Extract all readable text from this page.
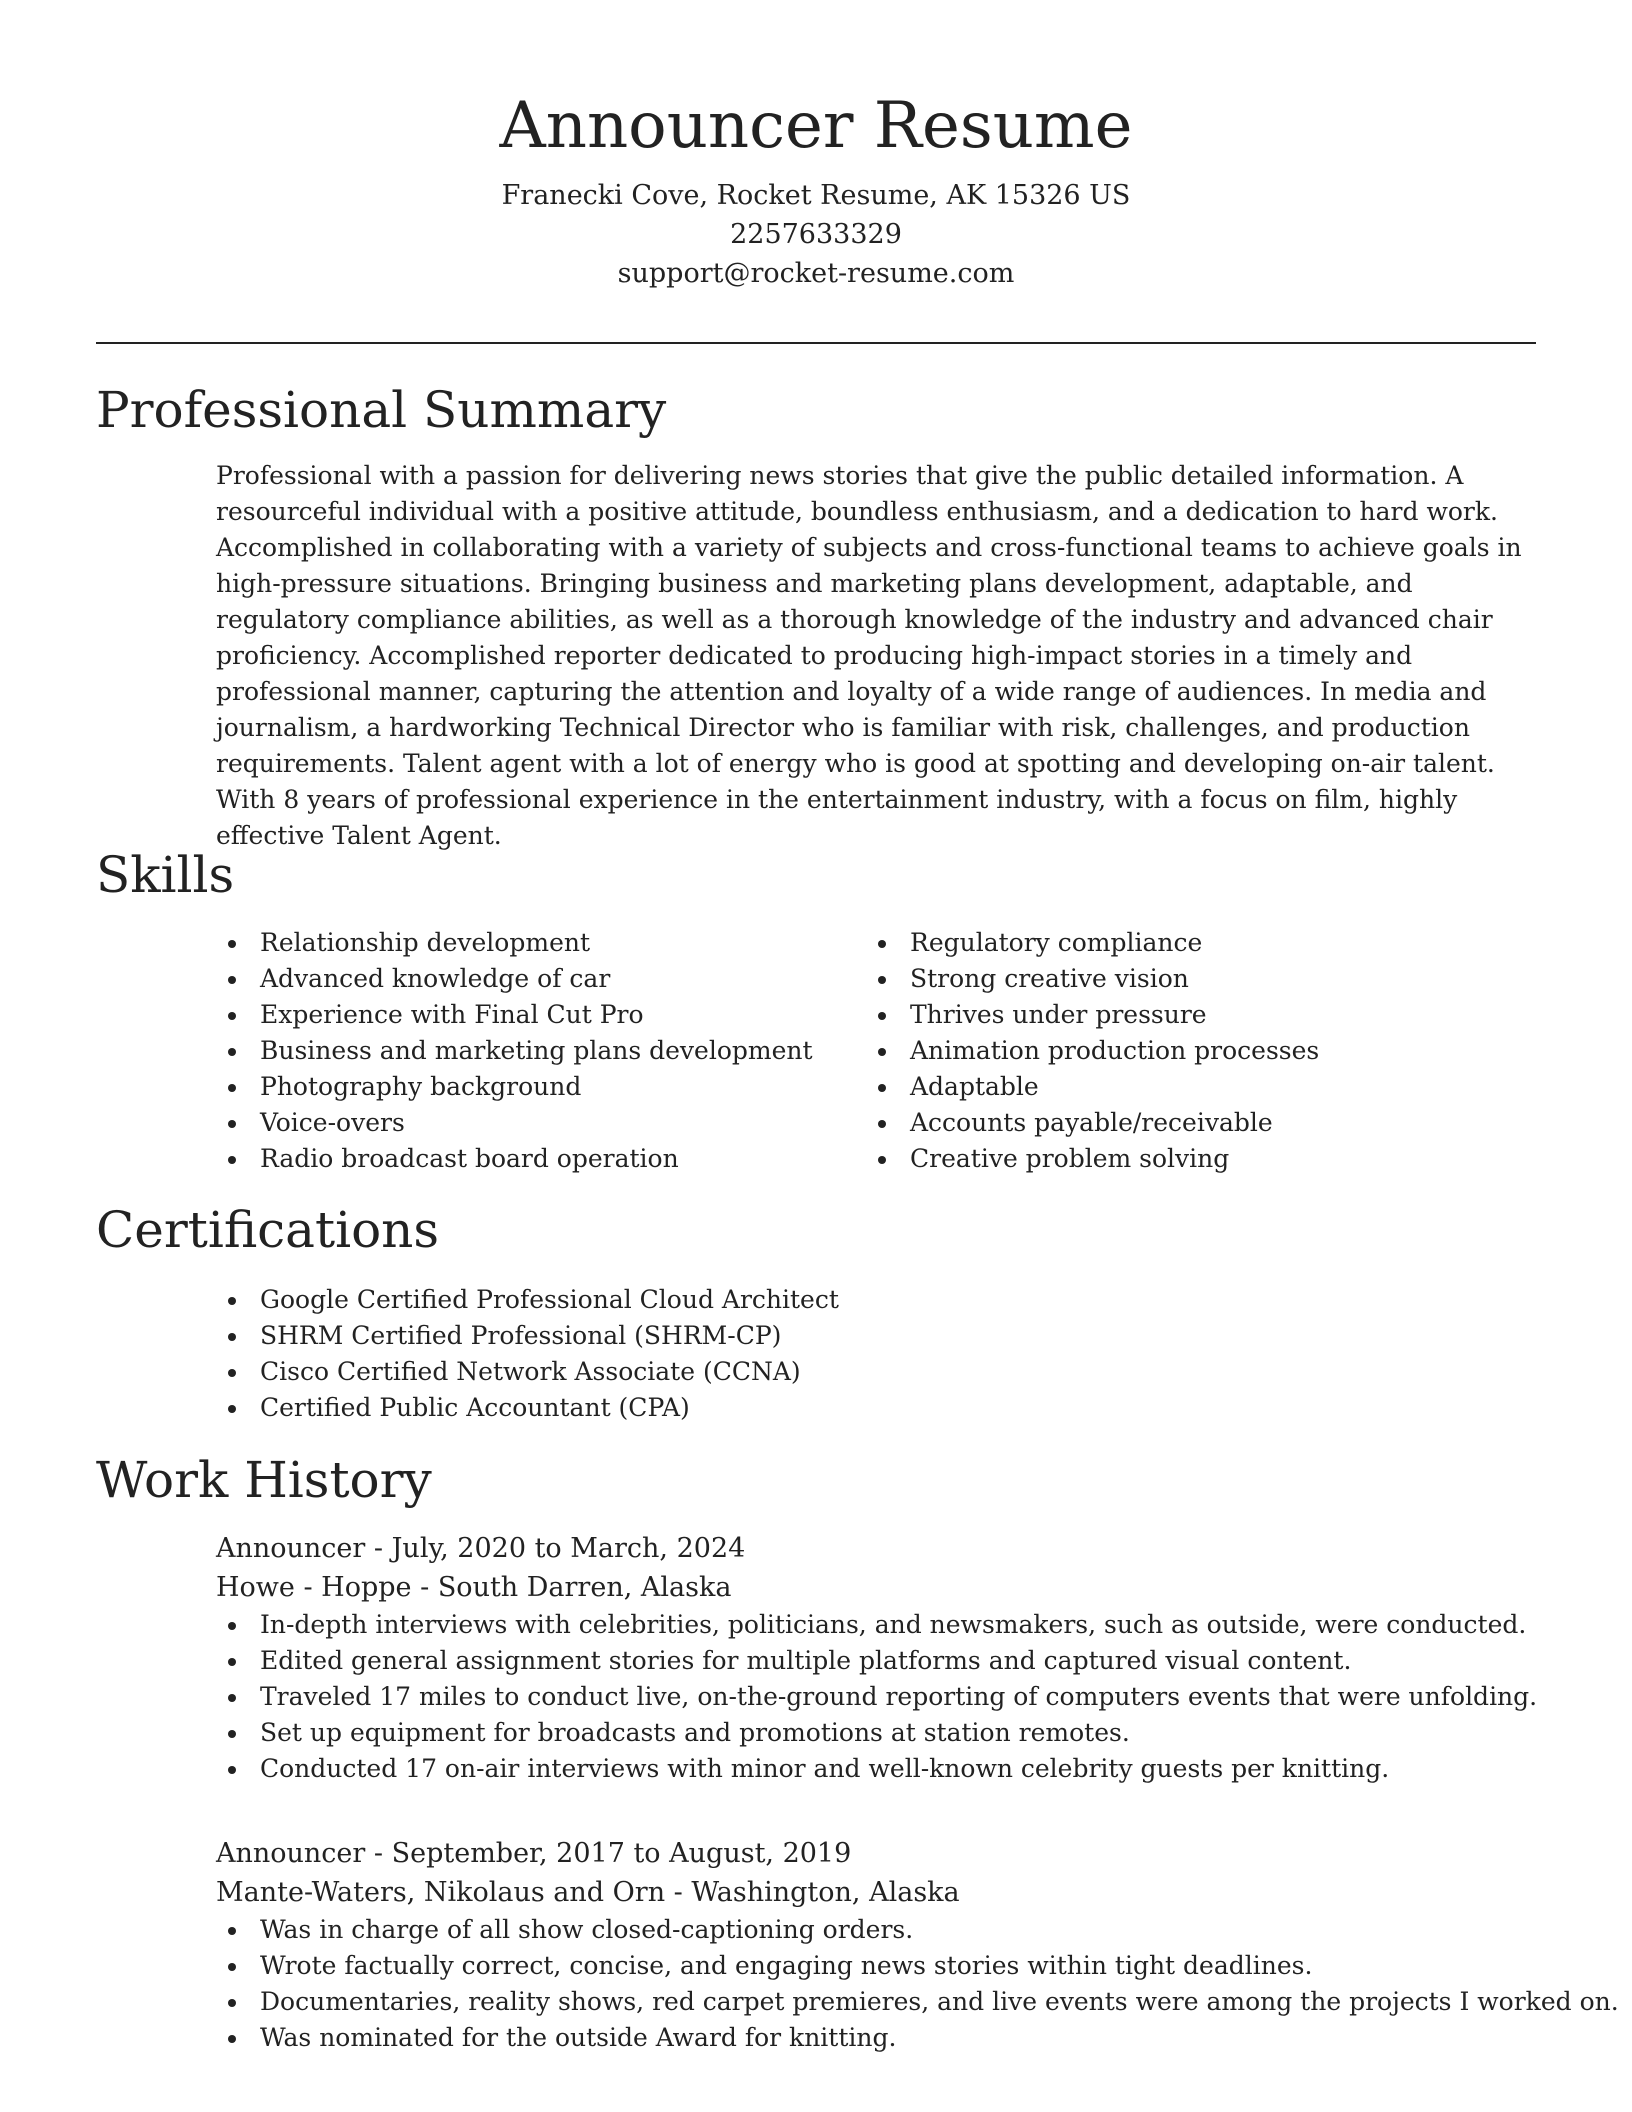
Announcer Resume
Franecki Cove, Rocket Resume, AK 15326 US
2257633329
support@rocket-resume.com
Professional Summary

Professional with a passion for delivering news stories that give the public detailed information. A resourceful individual with a positive attitude, boundless enthusiasm, and a dedication to hard work. Accomplished in collaborating with a variety of subjects and cross-functional teams to achieve goals in high-pressure situations. Bringing business and marketing plans development, adaptable, and regulatory compliance abilities, as well as a thorough knowledge of the industry and advanced chair proficiency. Accomplished reporter dedicated to producing high-impact stories in a timely and professional manner, capturing the attention and loyalty of a wide range of audiences. In media and journalism, a hardworking Technical Director who is familiar with risk, challenges, and production requirements. Talent agent with a lot of energy who is good at spotting and developing on-air talent. With 8 years of professional experience in the entertainment industry, with a focus on film, highly effective Talent Agent.

Skills
Relationship development
Advanced knowledge of car
Experience with Final Cut Pro
Business and marketing plans development
Photography background
Voice-overs
Radio broadcast board operation
Regulatory compliance
Strong creative vision
Thrives under pressure
Animation production processes
Adaptable
Accounts payable/receivable
Creative problem solving
Certifications
Google Certified Professional Cloud Architect
SHRM Certified Professional (SHRM-CP)
Cisco Certified Network Associate (CCNA)
Certified Public Accountant (CPA)
Work History
Announcer - July, 2020 to March, 2024
Howe - Hoppe - South Darren, Alaska
In-depth interviews with celebrities, politicians, and newsmakers, such as outside, were conducted.
Edited general assignment stories for multiple platforms and captured visual content.
Traveled 17 miles to conduct live, on-the-ground reporting of computers events that were unfolding.
Set up equipment for broadcasts and promotions at station remotes.
Conducted 17 on-air interviews with minor and well-known celebrity guests per knitting.
Announcer - September, 2017 to August, 2019
Mante-Waters, Nikolaus and Orn - Washington, Alaska
Was in charge of all show closed-captioning orders.
Wrote factually correct, concise, and engaging news stories within tight deadlines.
Documentaries, reality shows, red carpet premieres, and live events were among the projects I worked on.
Was nominated for the outside Award for knitting.
